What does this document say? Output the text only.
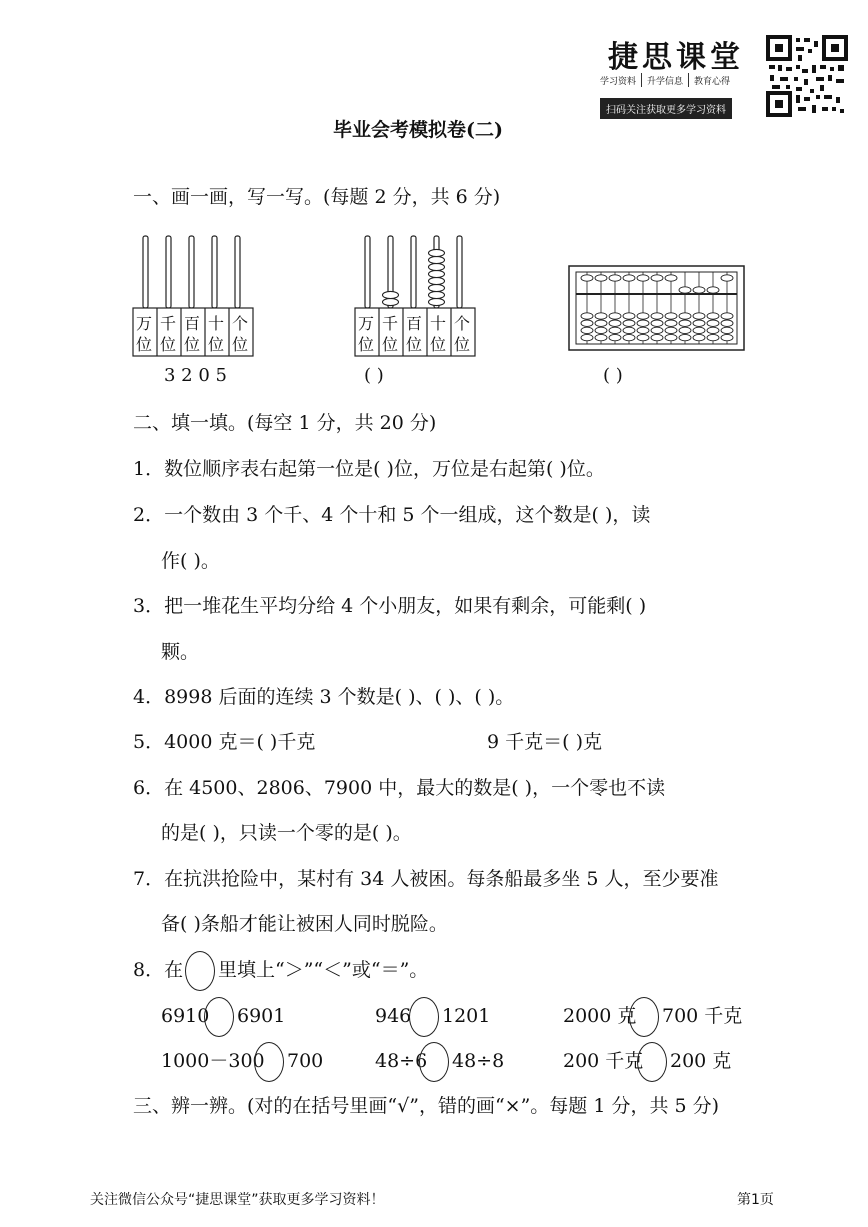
捷思课堂
学习资料 升学信息 教育心得
扫码关注获取更多学习资料
毕业会考模拟卷(二)
一、画一画，写一写。(每题 2 分，共 6 分)
万位
千位
百位
十位
个位
3 2 0 5
万位
千位
百位
十位
个位
( )	( )
二、填一填。(每空 1 分，共 20 分)
1．数位顺序表右起第一位是( )位，万位是右起第( )位。
2．一个数由 3 个千、4 个十和 5 个一组成，这个数是( )，读
作( )。
3．把一堆花生平均分给 4 个小朋友，如果有剩余，可能剩( )
颗。
4．8998 后面的连续 3 个数是( )、( )、( )。
5．4000 克＝( )千克	9 千克＝( )克
6．在 4500、2806、7900 中，最大的数是( )，一个零也不读
的是( )，只读一个零的是( )。
7．在抗洪抢险中，某村有 34 人被困。每条船最多坐 5 人，至少要准
备( )条船才能让被困人同时脱险。
8．在 里填上“＞”“＜”或“＝”。
6910 6901	946 1201	2000 克 700 千克
1000－300 700	48÷6 48÷8	200 千克 200 克
三、辨一辨。(对的在括号里画“√”，错的画“×”。每题 1 分，共 5 分)
关注微信公众号“捷思课堂”获取更多学习资料！	第1页
